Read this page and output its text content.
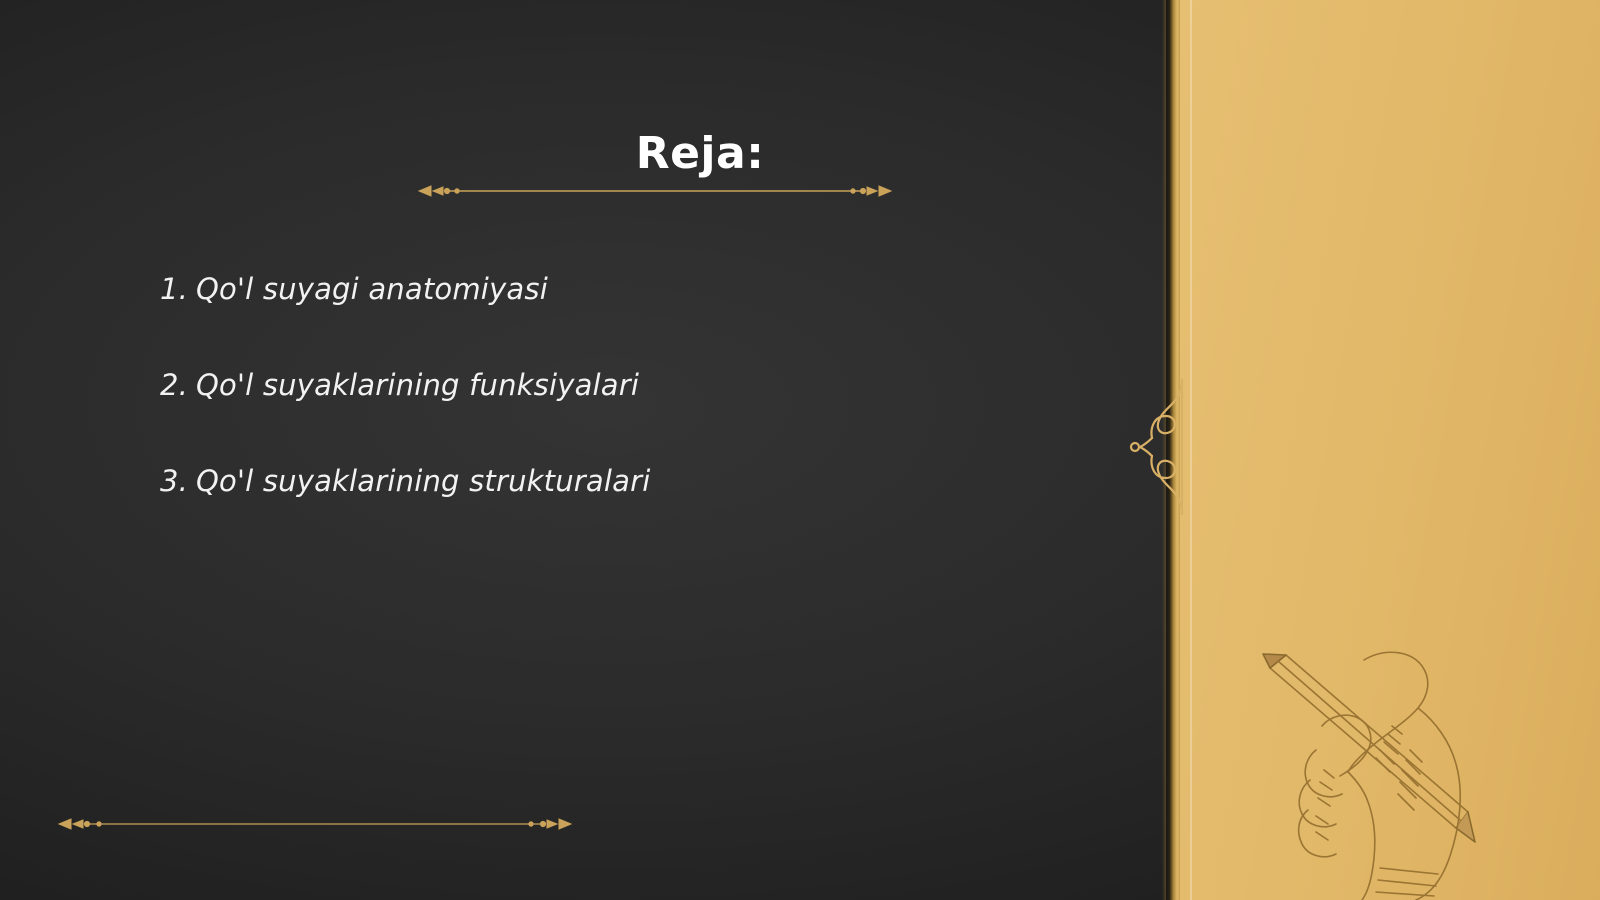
Reja:
1. Qo'l suyagi anatomiyasi
2. Qo'l suyaklarining funksiyalari
3. Qo'l suyaklarining strukturalari
